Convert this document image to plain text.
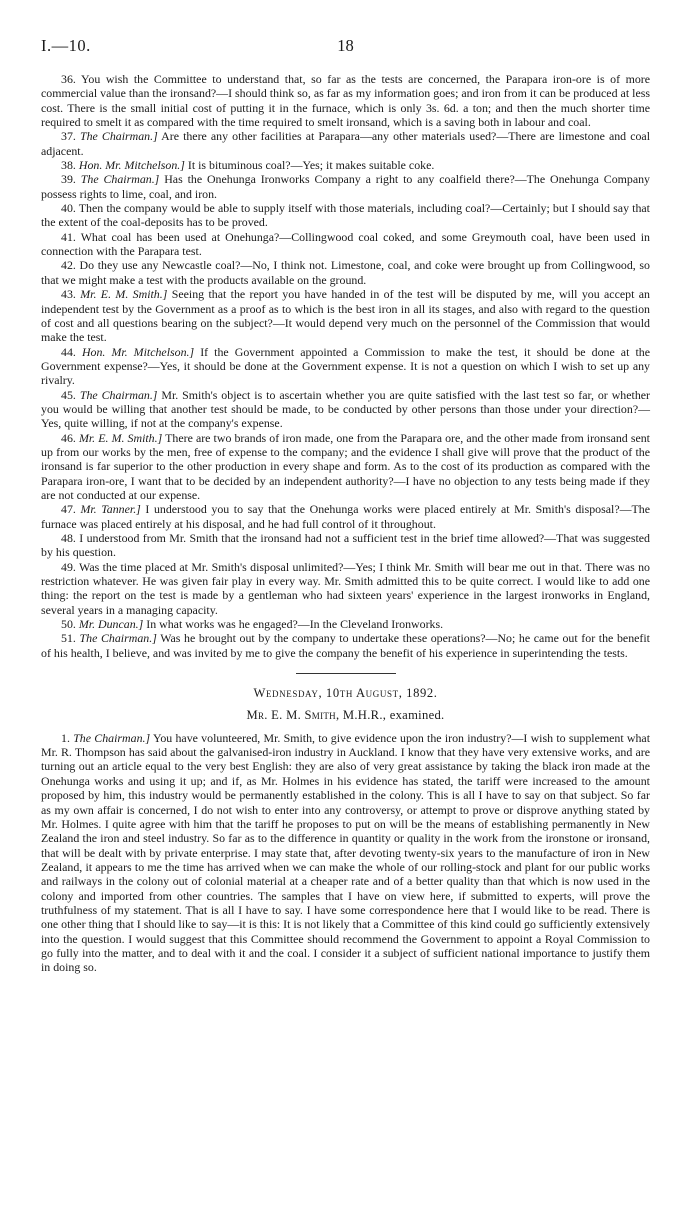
I.—10.	18

36. You wish the Committee to understand that, so far as the tests are concerned, the Parapara iron-ore is of more commercial value than the ironsand?—I should think so, as far as my information goes; and iron from it can be produced at less cost. There is the small initial cost of putting it in the furnace, which is only 3s. 6d. a ton; and then the much shorter time required to smelt it as compared with the time required to smelt ironsand, which is a saving both in labour and coal.

37. The Chairman.] Are there any other facilities at Parapara—any other materials used?—There are limestone and coal adjacent.

38. Hon. Mr. Mitchelson.] It is bituminous coal?—Yes; it makes suitable coke.

39. The Chairman.] Has the Onehunga Ironworks Company a right to any coalfield there?—The Onehunga Company possess rights to lime, coal, and iron.

40. Then the company would be able to supply itself with those materials, including coal?—Certainly; but I should say that the extent of the coal-deposits has to be proved.

41. What coal has been used at Onehunga?—Collingwood coal coked, and some Greymouth coal, have been used in connection with the Parapara test.

42. Do they use any Newcastle coal?—No, I think not. Limestone, coal, and coke were brought up from Collingwood, so that we might make a test with the products available on the ground.

43. Mr. E. M. Smith.] Seeing that the report you have handed in of the test will be disputed by me, will you accept an independent test by the Government as a proof as to which is the best iron in all its stages, and also with regard to the question of cost and all questions bearing on the subject?—It would depend very much on the personnel of the Commission that would make the test.

44. Hon. Mr. Mitchelson.] If the Government appointed a Commission to make the test, it should be done at the Government expense?—Yes, it should be done at the Government expense. It is not a question on which I wish to set up any rivalry.

45. The Chairman.] Mr. Smith's object is to ascertain whether you are quite satisfied with the last test so far, or whether you would be willing that another test should be made, to be conducted by other persons than those under your direction?—Yes, quite willing, if not at the company's expense.

46. Mr. E. M. Smith.] There are two brands of iron made, one from the Parapara ore, and the other made from ironsand sent up from our works by the men, free of expense to the company; and the evidence I shall give will prove that the product of the ironsand is far superior to the other production in every shape and form. As to the cost of its production as compared with the Parapara iron-ore, I want that to be decided by an independent authority?—I have no objection to any tests being made if they are not conducted at our expense.

47. Mr. Tanner.] I understood you to say that the Onehunga works were placed entirely at Mr. Smith's disposal?—The furnace was placed entirely at his disposal, and he had full control of it throughout.

48. I understood from Mr. Smith that the ironsand had not a sufficient test in the brief time allowed?—That was suggested by his question.

49. Was the time placed at Mr. Smith's disposal unlimited?—Yes; I think Mr. Smith will bear me out in that. There was no restriction whatever. He was given fair play in every way. Mr. Smith admitted this to be quite correct. I would like to add one thing: the report on the test is made by a gentleman who had sixteen years' experience in the largest ironworks in England, several years in a managing capacity.

50. Mr. Duncan.] In what works was he engaged?—In the Cleveland Ironworks.

51. The Chairman.] Was he brought out by the company to undertake these operations?—No; he came out for the benefit of his health, I believe, and was invited by me to give the company the benefit of his experience in superintending the tests.

Wednesday, 10th August, 1892.

Mr. E. M. Smith, M.H.R., examined.

1. The Chairman.] You have volunteered, Mr. Smith, to give evidence upon the iron industry?—I wish to supplement what Mr. R. Thompson has said about the galvanised-iron industry in Auckland. I know that they have very extensive works, and are turning out an article equal to the very best English: they are also of very great assistance by taking the black iron made at the Onehunga works and using it up; and if, as Mr. Holmes in his evidence has stated, the tariff were increased to the amount proposed by him, this industry would be permanently established in the colony. This is all I have to say on that subject. So far as my own affair is concerned, I do not wish to enter into any controversy, or attempt to prove or disprove anything stated by Mr. Holmes. I quite agree with him that the tariff he proposes to put on will be the means of establishing permanently in New Zealand the iron and steel industry. So far as to the difference in quantity or quality in the work from the ironstone or ironsand, that will be dealt with by private enterprise. I may state that, after devoting twenty-six years to the manufacture of iron in New Zealand, it appears to me the time has arrived when we can make the whole of our rolling-stock and plant for our public works and railways in the colony out of colonial material at a cheaper rate and of a better quality than that which is now used in the colony and imported from other countries. The samples that I have on view here, if submitted to experts, will prove the truthfulness of my statement. That is all I have to say. I have some correspondence here that I would like to be read. There is one other thing that I should like to say—it is this: It is not likely that a Committee of this kind could go sufficiently extensively into the question. I would suggest that this Committee should recommend the Government to appoint a Royal Commission to go fully into the matter, and to deal with it and the coal. I consider it a subject of sufficient national importance to justify them in doing so.
